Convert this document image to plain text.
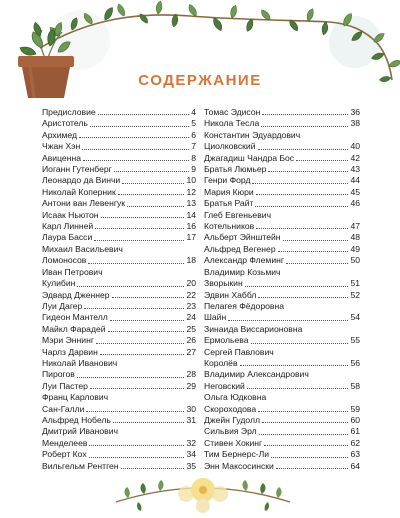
СОДЕРЖАНИЕ
Предисловие	4
Аристотель	5
Архимед	6
Чжан Хэн	7
Авиценна	8
Иоганн Гутенберг	9
Леонардо да Винчи	10
Николай Коперник	12
Антони ван Левенгук	13
Исаак Ньютон	14
Карл Линней	16
Лаура Басси	17
Михаил Васильевич
Ломоносов	18
Иван Петрович
Кулибин	20
Эдвард Дженнер	22
Луи Дагер	23
Гидеон Мантелл	24
Майкл Фарадей	25
Мэри Эннинг	26
Чарлз Дарвин	27
Николай Иванович
Пирогов	28
Луи Пастер	29
Франц Карлович
Сан-Галли	30
Альфред Нобель	31
Дмитрий Иванович
Менделеев	32
Роберт Кох	34
Вильгельм Рентген	35
Томас Эдисон	36
Никола Тесла	38
Константин Эдуардович
Циолковский	40
Джагадиш Чандра Бос	42
Братья Люмьер	43
Генри Форд	44
Мария Кюри	45
Братья Райт	46
Глеб Евгеньевич
Котельников	47
Альберт Эйнштейн	48
Альфред Вегенер	49
Александр Флеминг	50
Владимир Козьмич
Зворыкин	51
Эдвин Хаббл	52
Пелагея Фёдоровна
Шайн	54
Зинаида Виссарионовна
Ермольева	55
Сергей Павлович
Королёв	56
Владимир Александрович
Неговский	58
Ольга Юдковна
Скороходова	59
Джейн Гудолл	60
Сильвия Эрл	61
Стивен Хокинг	62
Тим Бернерс-Ли	63
Энн Максосински	64
